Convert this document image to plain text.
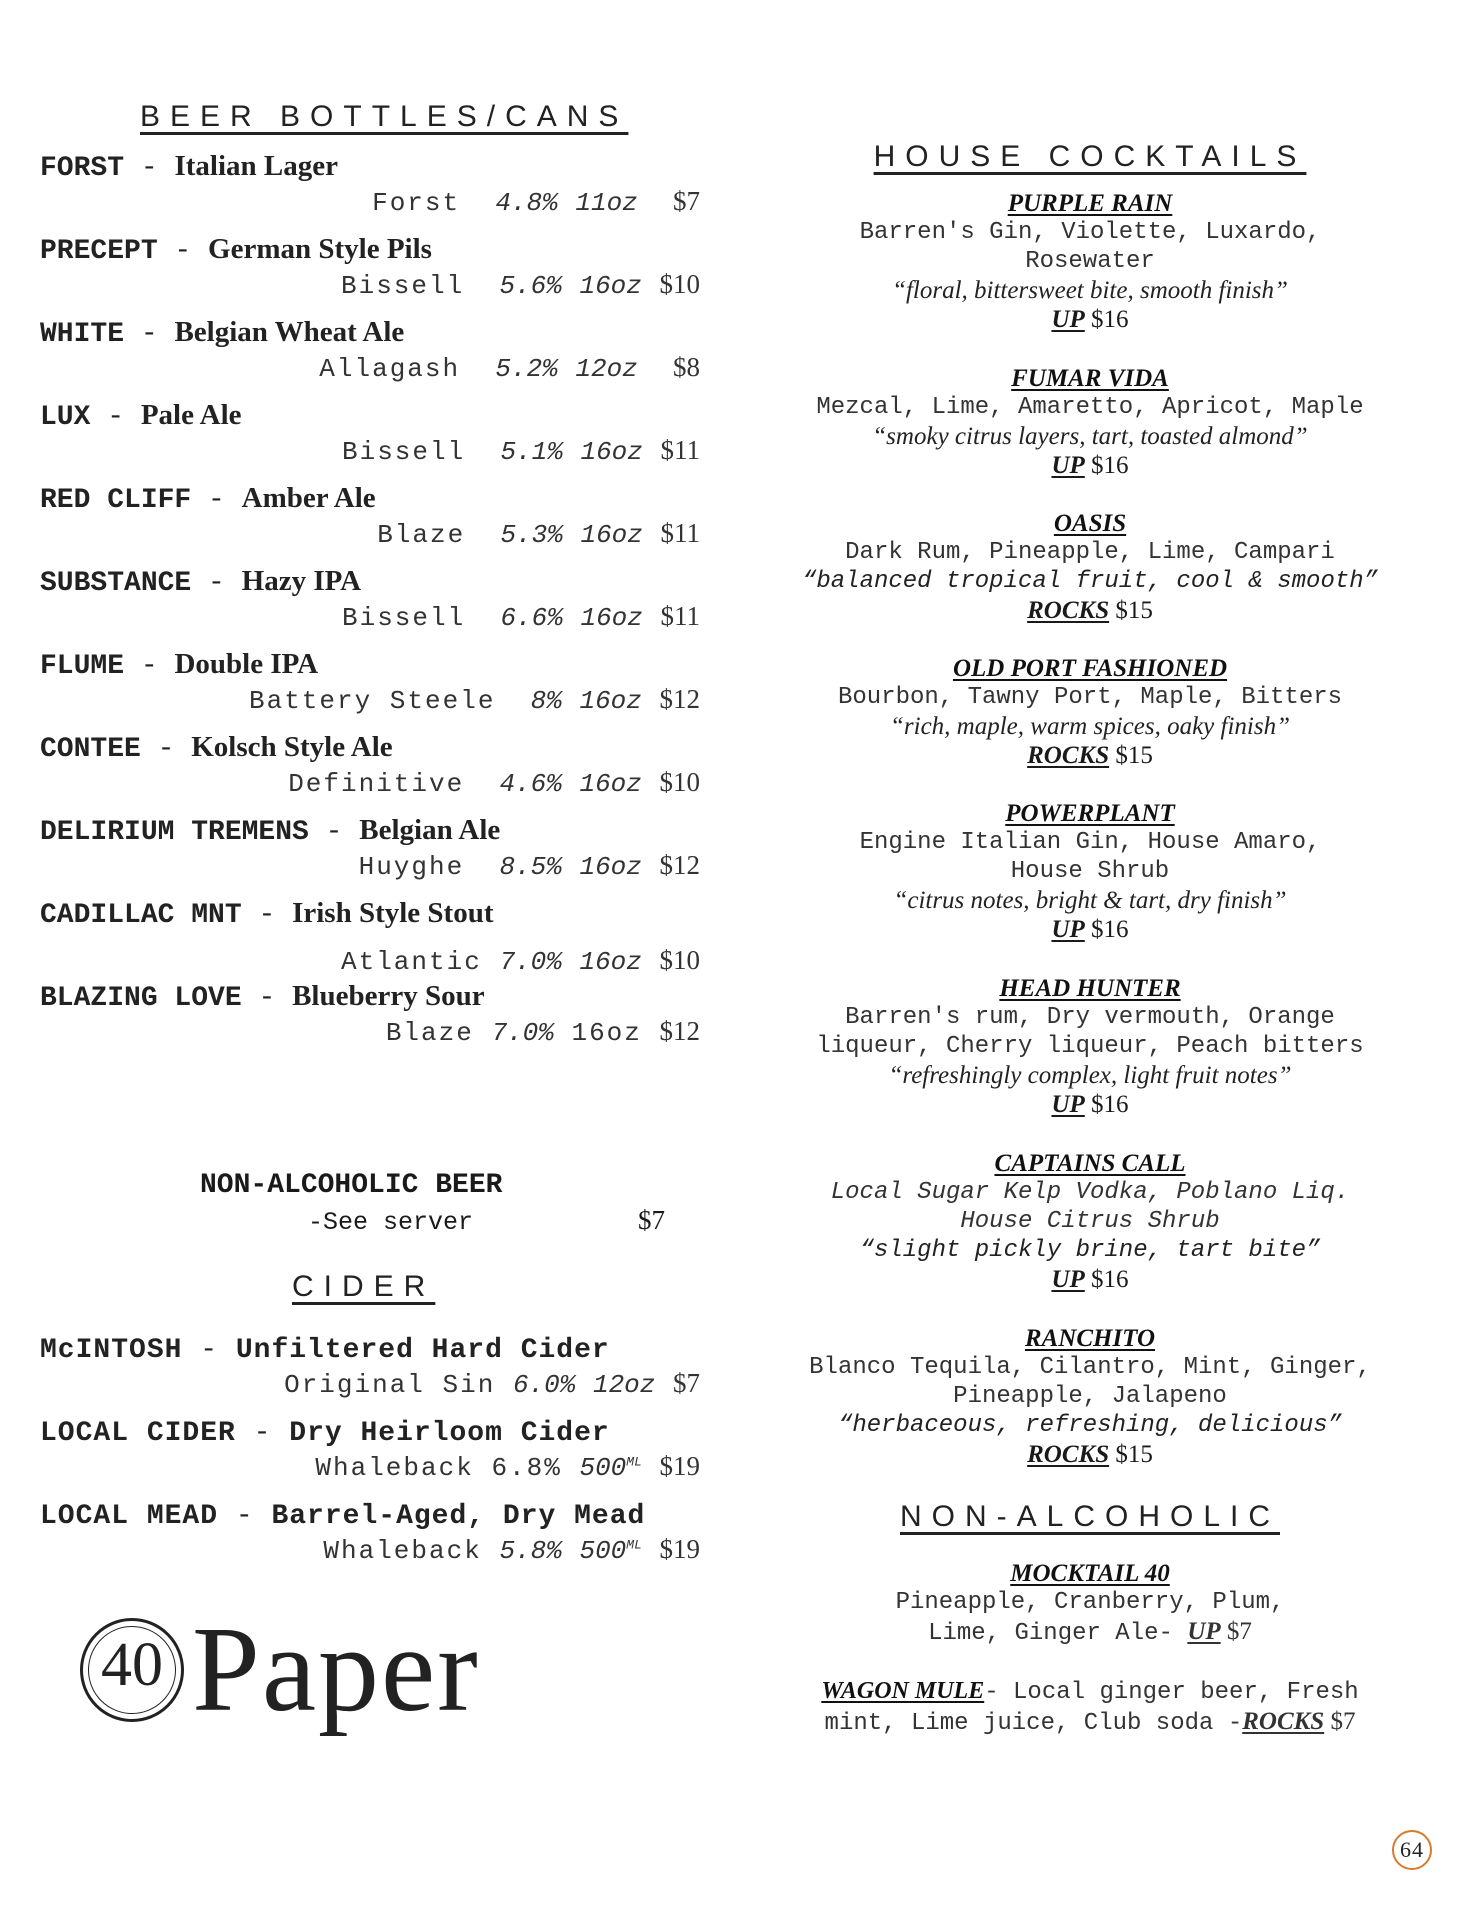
BEER BOTTLES/CANS
FORST - Italian Lager
Forst 4.8% 11oz $7
PRECEPT - German Style Pils
Bissell 5.6% 16oz $10
WHITE - Belgian Wheat Ale
Allagash 5.2% 12oz $8
LUX - Pale Ale
Bissell 5.1% 16oz $11
RED CLIFF - Amber Ale
Blaze 5.3% 16oz $11
SUBSTANCE - Hazy IPA
Bissell 6.6% 16oz $11
FLUME - Double IPA
Battery Steele 8% 16oz $12
CONTEE - Kolsch Style Ale
Definitive 4.6% 16oz $10
DELIRIUM TREMENS - Belgian Ale
Huyghe 8.5% 16oz $12
CADILLAC MNT - Irish Style Stout
Atlantic 7.0% 16oz $10
BLAZING LOVE - Blueberry Sour
Blaze 7.0% 16oz $12
NON-ALCOHOLIC BEER
-See server	$7
CIDER
McINTOSH - Unfiltered Hard Cider
Original Sin 6.0% 12oz $7
LOCAL CIDER - Dry Heirloom Cider
Whaleback 6.8% $500^{ML}$ $19
LOCAL MEAD - Barrel-Aged, Dry Mead
Whaleback 5.8% $500^{ML}$ $19
40 Paper
HOUSE COCKTAILS
PURPLE RAIN
Barren's Gin, Violette, Luxardo,
Rosewater
“floral, bittersweet bite, smooth finish”
UP $16
FUMAR VIDA
Mezcal, Lime, Amaretto, Apricot, Maple
“smoky citrus layers, tart, toasted almond”
UP $16
OASIS
Dark Rum, Pineapple, Lime, Campari
“balanced tropical fruit, cool & smooth”
ROCKS $15
OLD PORT FASHIONED
Bourbon, Tawny Port, Maple, Bitters
“rich, maple, warm spices, oaky finish”
ROCKS $15
POWERPLANT
Engine Italian Gin, House Amaro,
House Shrub
“citrus notes, bright & tart, dry finish”
UP $16
HEAD HUNTER
Barren's rum, Dry vermouth, Orange
liqueur, Cherry liqueur, Peach bitters
“refreshingly complex, light fruit notes”
UP $16
CAPTAINS CALL
Local Sugar Kelp Vodka, Poblano Liq.
House Citrus Shrub
“slight pickly brine, tart bite”
UP $16
RANCHITO
Blanco Tequila, Cilantro, Mint, Ginger,
Pineapple, Jalapeno
“herbaceous, refreshing, delicious”
ROCKS $15
NON-ALCOHOLIC
MOCKTAIL 40
Pineapple, Cranberry, Plum,
Lime, Ginger Ale- UP $7
WAGON MULE- Local ginger beer, Fresh
mint, Lime juice, Club soda -ROCKS $7
64
